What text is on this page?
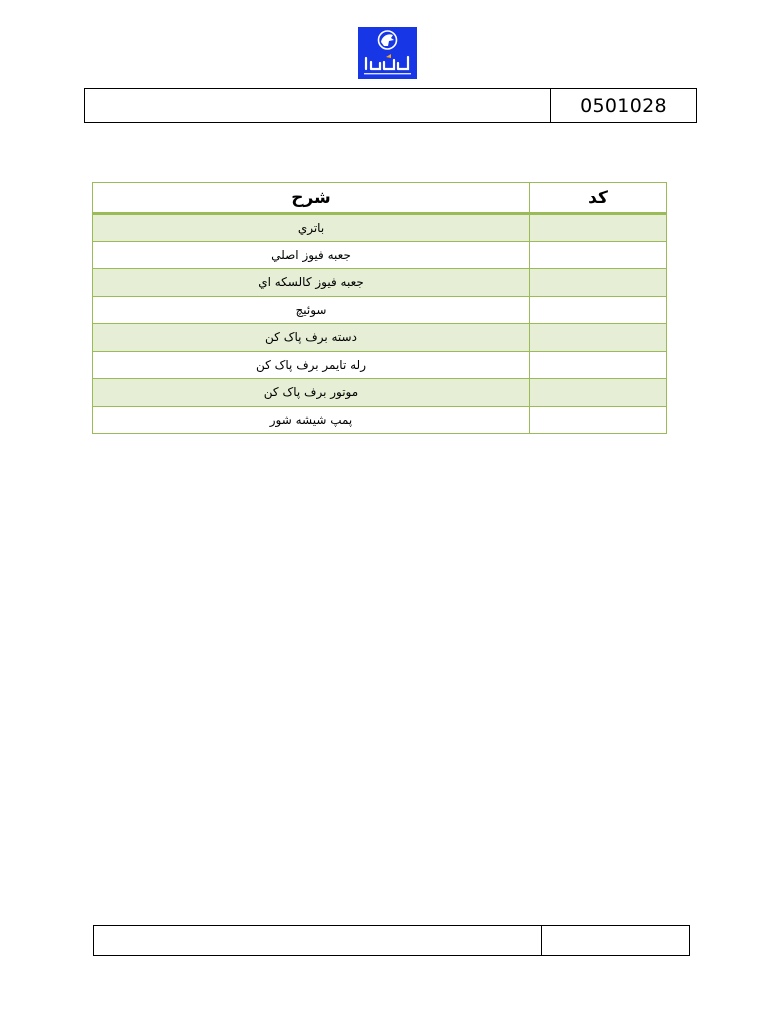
0501028
شرح	کد
باتري	
جعبه فيوز اصلي	
جعبه فيوز کالسکه اي	
سوئيچ	
دسته برف پاک کن	
رله تايمر برف پاک کن	
موتور برف پاک کن	
پمپ شيشه شور	
